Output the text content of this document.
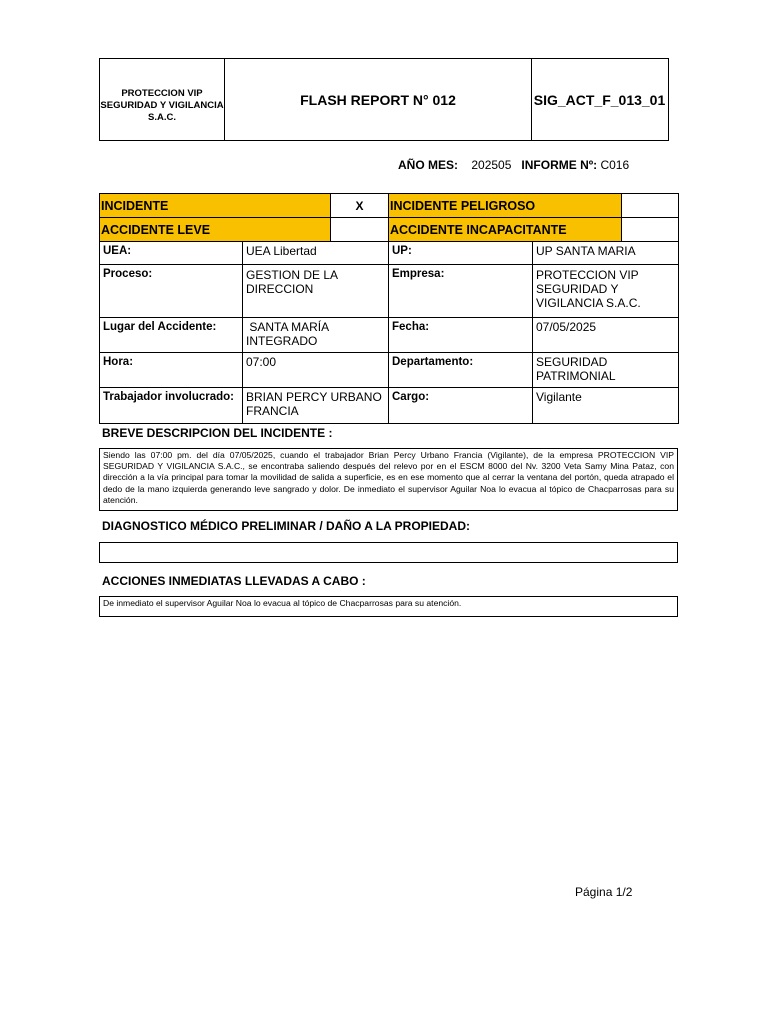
PROTECCION VIP SEGURIDAD Y VIGILANCIA S.A.C.
FLASH REPORT N° 012	SIG_ACT_F_013_01
AÑO MES: 202505 INFORME Nº: C016
INCIDENTE		X	INCIDENTE PELIGROSO		
ACCIDENTE LEVE			ACCIDENTE INCAPACITANTE		
UEA:	UEA Libertad		UP:	UP SANTA MARIA	
Proceso:	GESTION DE LA DIRECCION		Empresa:	PROTECCION VIP SEGURIDAD Y VIGILANCIA S.A.C.	
Lugar del Accidente:	SANTA MARÍA INTEGRADO		Fecha:	07/05/2025	
Hora:	07:00		Departamento:	SEGURIDAD PATRIMONIAL	
Trabajador involucrado:	BRIAN PERCY URBANO FRANCIA		Cargo:	Vigilante	
BREVE DESCRIPCION DEL INCIDENTE :
Siendo las 07:00 pm. del día 07/05/2025, cuando el trabajador Brian Percy Urbano Francia (Vigilante), de la empresa PROTECCION VIP SEGURIDAD Y VIGILANCIA S.A.C., se encontraba saliendo después del relevo por en el ESCM 8000 del Nv. 3200 Veta Samy Mina Pataz, con dirección a la vía principal para tomar la movilidad de salida a superficie, es en ese momento que al cerrar la ventana del portón, queda atrapado el dedo de la mano izquierda generando leve sangrado y dolor. De inmediato el supervisor Aguilar Noa lo evacua al tópico de Chacparrosas para su atención.
DIAGNOSTICO MÉDICO PRELIMINAR / DAÑO A LA PROPIEDAD:
ACCIONES INMEDIATAS LLEVADAS A CABO :
De inmediato el supervisor Aguilar Noa lo evacua al tópico de Chacparrosas para su atención.
Página 1/2
